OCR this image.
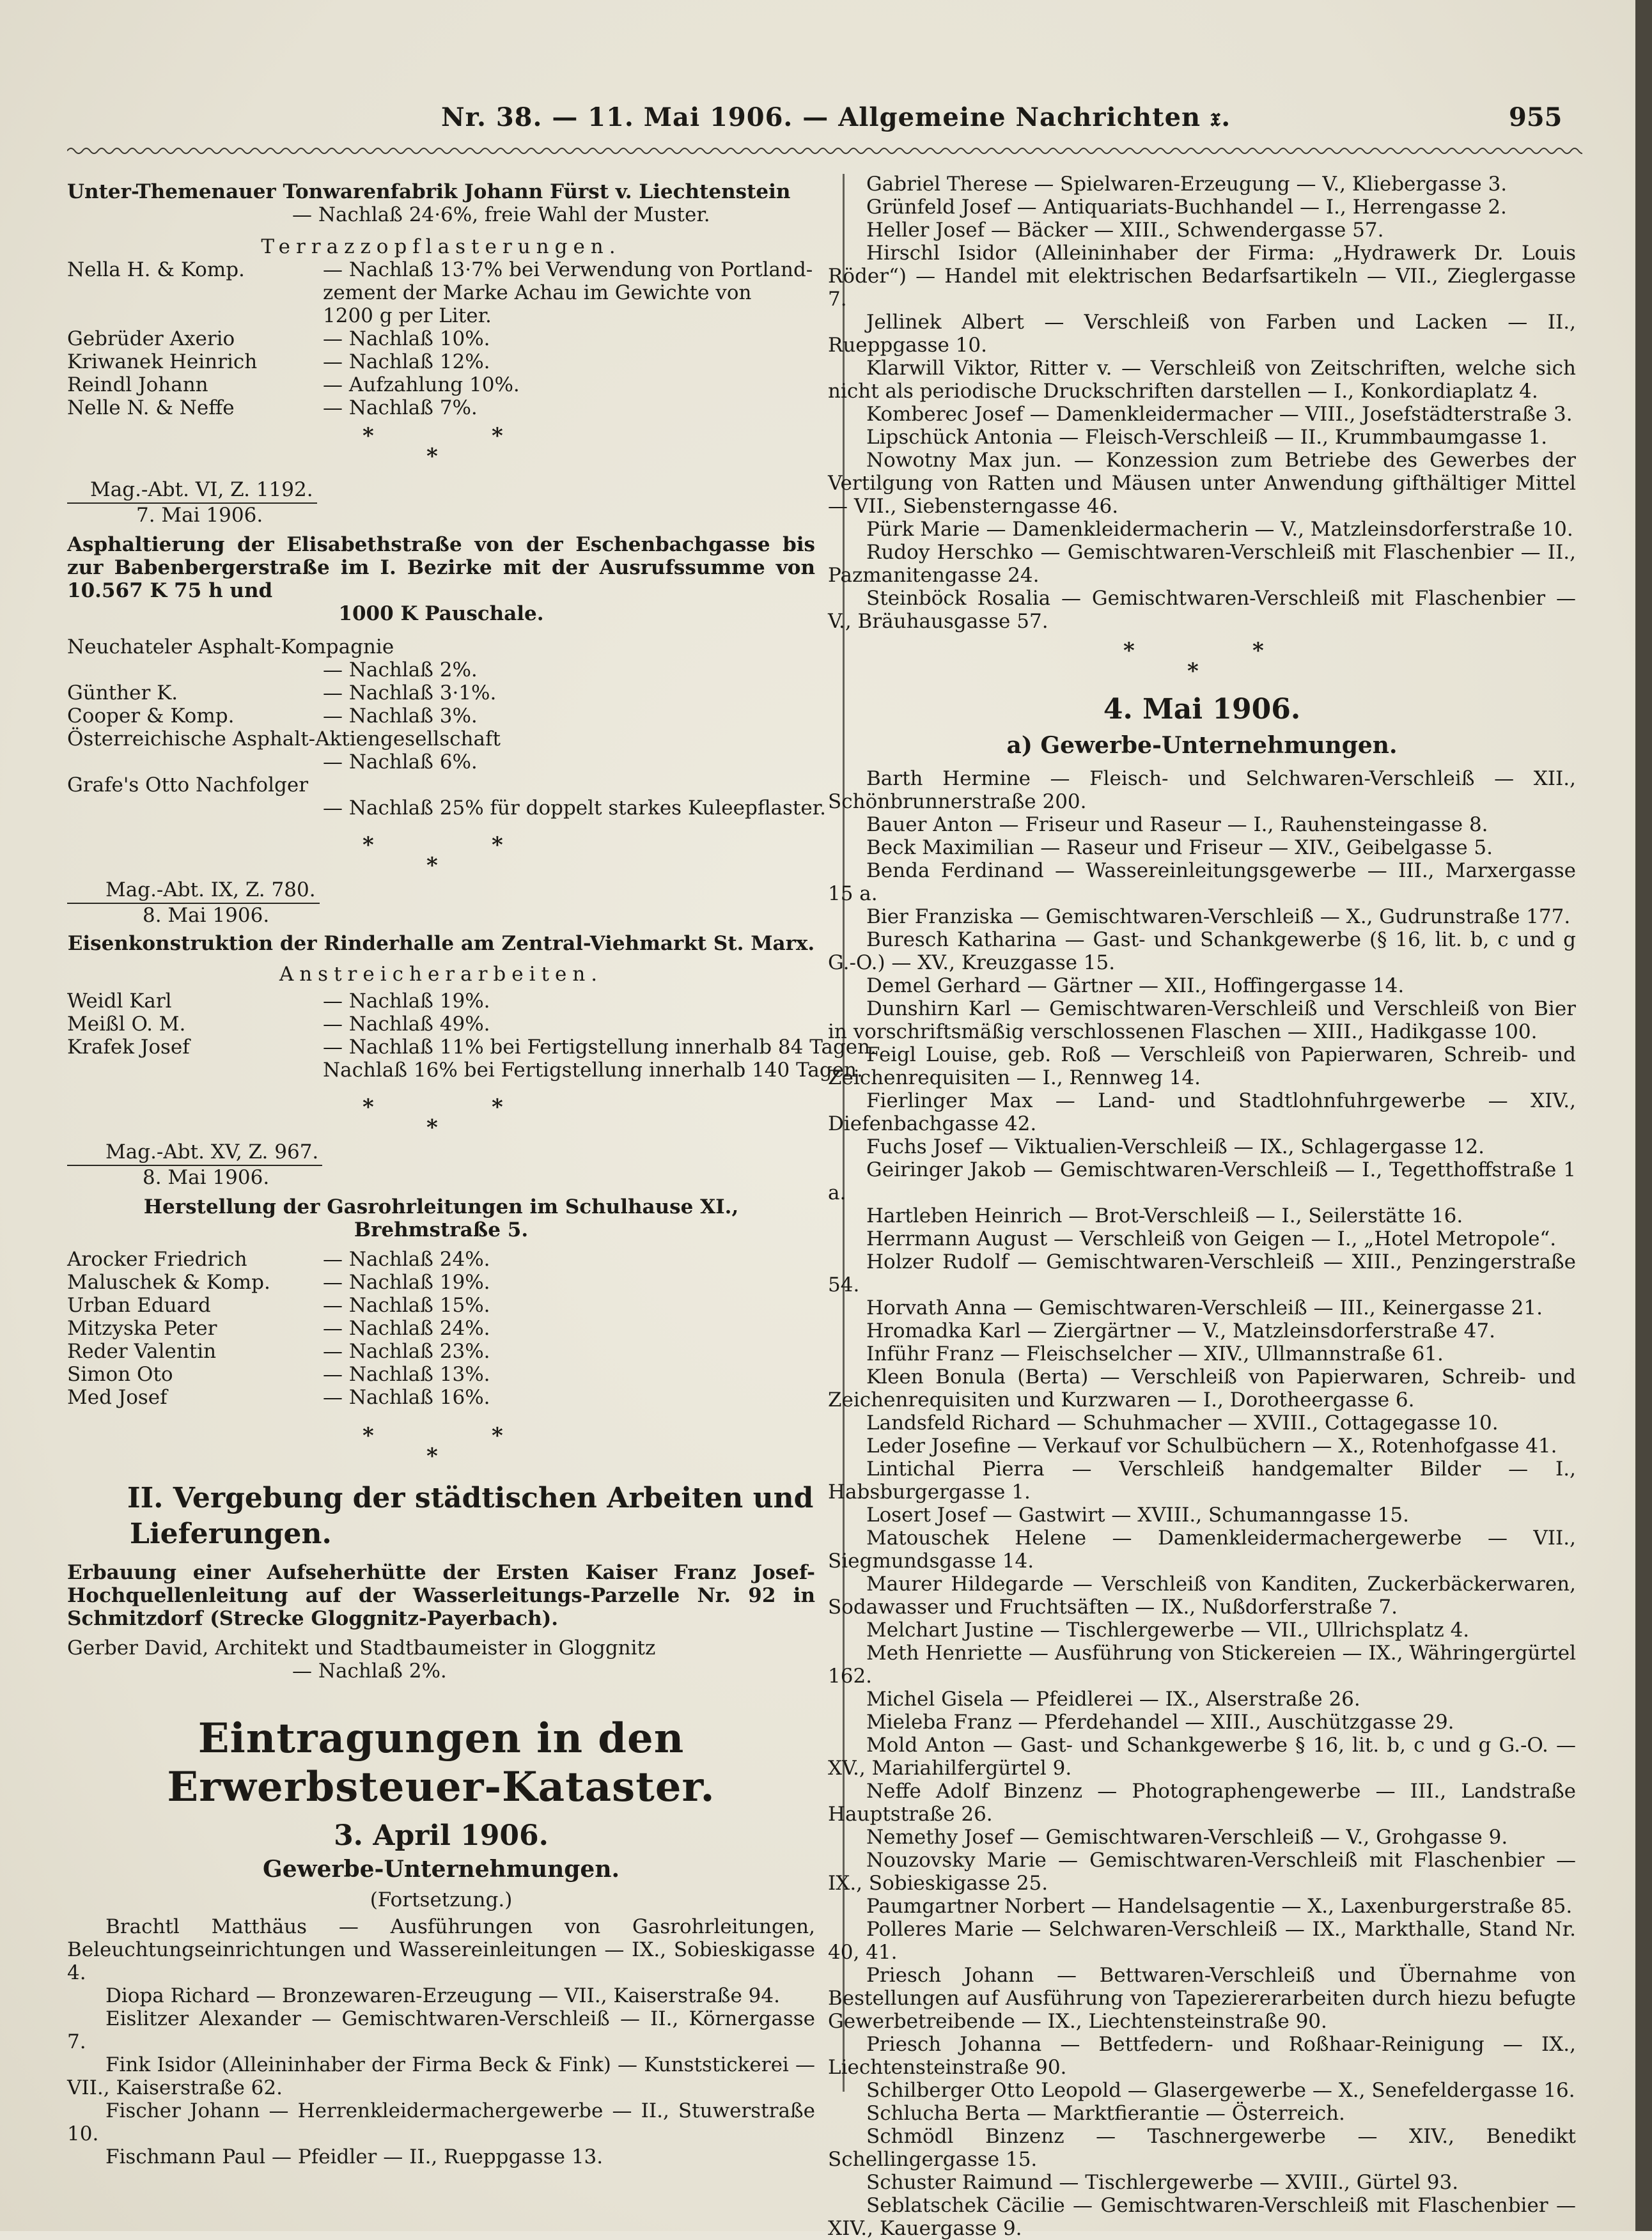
Nr. 38. — 11. Mai 1906. — Allgemeine Nachrichten 𝔵.	955

Unter-Themenauer Tonwarenfabrik Johann Fürst v. Liechtenstein

— Nachlaß 24·6%, freie Wahl der Muster.

Terrazzopflasterungen.

Nella H. & Komp.	— Nachlaß 13·7% bei Verwendung von Portland-
zement der Marke Achau im Gewichte von
1200 g per Liter.
Gebrüder Axerio	— Nachlaß 10%.
Kriwanek Heinrich	— Nachlaß 12%.
Reindl Johann	— Aufzahlung 10%.
Nelle N. & Neffe	— Nachlaß 7%.
*	*
*

Mag.-Abt. VI, Z. 1192.

7. Mai 1906.

Asphaltierung der Elisabethstraße von der Eschenbachgasse bis zur Babenbergerstraße im I. Bezirke mit der Ausrufssumme von 10.567 K 75 h und

1000 K Pauschale.

Neuchateler Asphalt-Kompagnie
— Nachlaß 2%.
Günther K.	— Nachlaß 3·1%.
Cooper & Komp.	— Nachlaß 3%.
Österreichische Asphalt-Aktiengesellschaft
— Nachlaß 6%.
Grafe's Otto Nachfolger
— Nachlaß 25% für doppelt starkes Kuleepflaster.
*	*
*

Mag.-Abt. IX, Z. 780.

8. Mai 1906.

Eisenkonstruktion der Rinderhalle am Zentral-Viehmarkt St. Marx.

Anstreicherarbeiten.

Weidl Karl	— Nachlaß 19%.
Meißl O. M.	— Nachlaß 49%.
Krafek Josef	— Nachlaß 11% bei Fertigstellung innerhalb 84 Tagen.
Nachlaß 16% bei Fertigstellung innerhalb 140 Tagen.
*	*
*

Mag.-Abt. XV, Z. 967.

8. Mai 1906.

Herstellung der Gasrohrleitungen im Schulhause XI., Brehmstraße 5.

Arocker Friedrich	— Nachlaß 24%.
Maluschek & Komp.	— Nachlaß 19%.
Urban Eduard	— Nachlaß 15%.
Mitzyska Peter	— Nachlaß 24%.
Reder Valentin	— Nachlaß 23%.
Simon Oto	— Nachlaß 13%.
Med Josef	— Nachlaß 16%.
*	*
*

II. Vergebung der städtischen Arbeiten und Lieferungen.

Erbauung einer Aufseherhütte der Ersten Kaiser Franz Josef-Hochquellenleitung auf der Wasserleitungs-Parzelle Nr. 92 in Schmitzdorf (Strecke Gloggnitz-Payerbach).

Gerber David, Architekt und Stadtbaumeister in Gloggnitz

— Nachlaß 2%.

Eintragungen in den Erwerbsteuer-Kataster.

3. April 1906.

Gewerbe-Unternehmungen.

(Fortsetzung.)

Brachtl Matthäus — Ausführungen von Gasrohrleitungen, Beleuchtungseinrichtungen und Wassereinleitungen — IX., Sobieskigasse 4.

Diopa Richard — Bronzewaren-Erzeugung — VII., Kaiserstraße 94.

Eislitzer Alexander — Gemischtwaren-Verschleiß — II., Körnergasse 7.

Fink Isidor (Alleininhaber der Firma Beck & Fink) — Kunststickerei — VII., Kaiserstraße 62.

Fischer Johann — Herrenkleidermachergewerbe — II., Stuwerstraße 10.

Fischmann Paul — Pfeidler — II., Rueppgasse 13.

Gabriel Therese — Spielwaren-Erzeugung — V., Kliebergasse 3.

Grünfeld Josef — Antiquariats-Buchhandel — I., Herrengasse 2.

Heller Josef — Bäcker — XIII., Schwendergasse 57.

Hirschl Isidor (Alleininhaber der Firma: „Hydrawerk Dr. Louis Röder“) — Handel mit elektrischen Bedarfsartikeln — VII., Zieglergasse 7.

Jellinek Albert — Verschleiß von Farben und Lacken — II., Rueppgasse 10.

Klarwill Viktor, Ritter v. — Verschleiß von Zeitschriften, welche sich nicht als periodische Druckschriften darstellen — I., Konkordiaplatz 4.

Komberec Josef — Damenkleidermacher — VIII., Josefstädterstraße 3.

Lipschück Antonia — Fleisch-Verschleiß — II., Krummbaumgasse 1.

Nowotny Max jun. — Konzession zum Betriebe des Gewerbes der Vertilgung von Ratten und Mäusen unter Anwendung gifthältiger Mittel — VII., Siebensterngasse 46.

Pürk Marie — Damenkleidermacherin — V., Matzleinsdorferstraße 10.

Rudoy Herschko — Gemischtwaren-Verschleiß mit Flaschenbier — II., Pazmanitengasse 24.

Steinböck Rosalia — Gemischtwaren-Verschleiß mit Flaschenbier — V., Bräuhausgasse 57.

*	*
*

4. Mai 1906.

a) Gewerbe-Unternehmungen.

Barth Hermine — Fleisch- und Selchwaren-Verschleiß — XII., Schönbrunnerstraße 200.

Bauer Anton — Friseur und Raseur — I., Rauhensteingasse 8.

Beck Maximilian — Raseur und Friseur — XIV., Geibelgasse 5.

Benda Ferdinand — Wassereinleitungsgewerbe — III., Marxergasse 15 a.

Bier Franziska — Gemischtwaren-Verschleiß — X., Gudrunstraße 177.

Buresch Katharina — Gast- und Schankgewerbe (§ 16, lit. b, c und g G.-O.) — XV., Kreuzgasse 15.

Demel Gerhard — Gärtner — XII., Hoffingergasse 14.

Dunshirn Karl — Gemischtwaren-Verschleiß und Verschleiß von Bier in vorschriftsmäßig verschlossenen Flaschen — XIII., Hadikgasse 100.

Feigl Louise, geb. Roß — Verschleiß von Papierwaren, Schreib- und Zeichenrequisiten — I., Rennweg 14.

Fierlinger Max — Land- und Stadtlohnfuhrgewerbe — XIV., Diefenbachgasse 42.

Fuchs Josef — Viktualien-Verschleiß — IX., Schlagergasse 12.

Geiringer Jakob — Gemischtwaren-Verschleiß — I., Tegetthoffstraße 1 a.

Hartleben Heinrich — Brot-Verschleiß — I., Seilerstätte 16.

Herrmann August — Verschleiß von Geigen — I., „Hotel Metropole“.

Holzer Rudolf — Gemischtwaren-Verschleiß — XIII., Penzingerstraße 54.

Horvath Anna — Gemischtwaren-Verschleiß — III., Keinergasse 21.

Hromadka Karl — Ziergärtner — V., Matzleinsdorferstraße 47.

Inführ Franz — Fleischselcher — XIV., Ullmannstraße 61.

Kleen Bonula (Berta) — Verschleiß von Papierwaren, Schreib- und Zeichenrequisiten und Kurzwaren — I., Dorotheergasse 6.

Landsfeld Richard — Schuhmacher — XVIII., Cottagegasse 10.

Leder Josefine — Verkauf vor Schulbüchern — X., Rotenhofgasse 41.

Lintichal Pierra — Verschleiß handgemalter Bilder — I., Habsburgergasse 1.

Losert Josef — Gastwirt — XVIII., Schumanngasse 15.

Matouschek Helene — Damenkleidermachergewerbe — VII., Siegmundsgasse 14.

Maurer Hildegarde — Verschleiß von Kanditen, Zuckerbäckerwaren, Sodawasser und Fruchtsäften — IX., Nußdorferstraße 7.

Melchart Justine — Tischlergewerbe — VII., Ullrichsplatz 4.

Meth Henriette — Ausführung von Stickereien — IX., Währingergürtel 162.

Michel Gisela — Pfeidlerei — IX., Alserstraße 26.

Mieleba Franz — Pferdehandel — XIII., Auschützgasse 29.

Mold Anton — Gast- und Schankgewerbe § 16, lit. b, c und g G.-O. — XV., Mariahilfergürtel 9.

Neffe Adolf Binzenz — Photographengewerbe — III., Landstraße Hauptstraße 26.

Nemethy Josef — Gemischtwaren-Verschleiß — V., Grohgasse 9.

Nouzovsky Marie — Gemischtwaren-Verschleiß mit Flaschenbier — IX., Sobieskigasse 25.

Paumgartner Norbert — Handelsagentie — X., Laxenburgerstraße 85.

Polleres Marie — Selchwaren-Verschleiß — IX., Markthalle, Stand Nr. 40, 41.

Priesch Johann — Bettwaren-Verschleiß und Übernahme von Bestellungen auf Ausführung von Tapeziererarbeiten durch hiezu befugte Gewerbetreibende — IX., Liechtensteinstraße 90.

Priesch Johanna — Bettfedern- und Roßhaar-Reinigung — IX., Liechtensteinstraße 90.

Schilberger Otto Leopold — Glasergewerbe — X., Senefeldergasse 16.

Schlucha Berta — Marktfierantie — Österreich.

Schmödl Binzenz — Taschnergewerbe — XIV., Benedikt Schellingergasse 15.

Schuster Raimund — Tischlergewerbe — XVIII., Gürtel 93.

Seblatschek Cäcilie — Gemischtwaren-Verschleiß mit Flaschenbier — XIV., Kauergasse 9.
